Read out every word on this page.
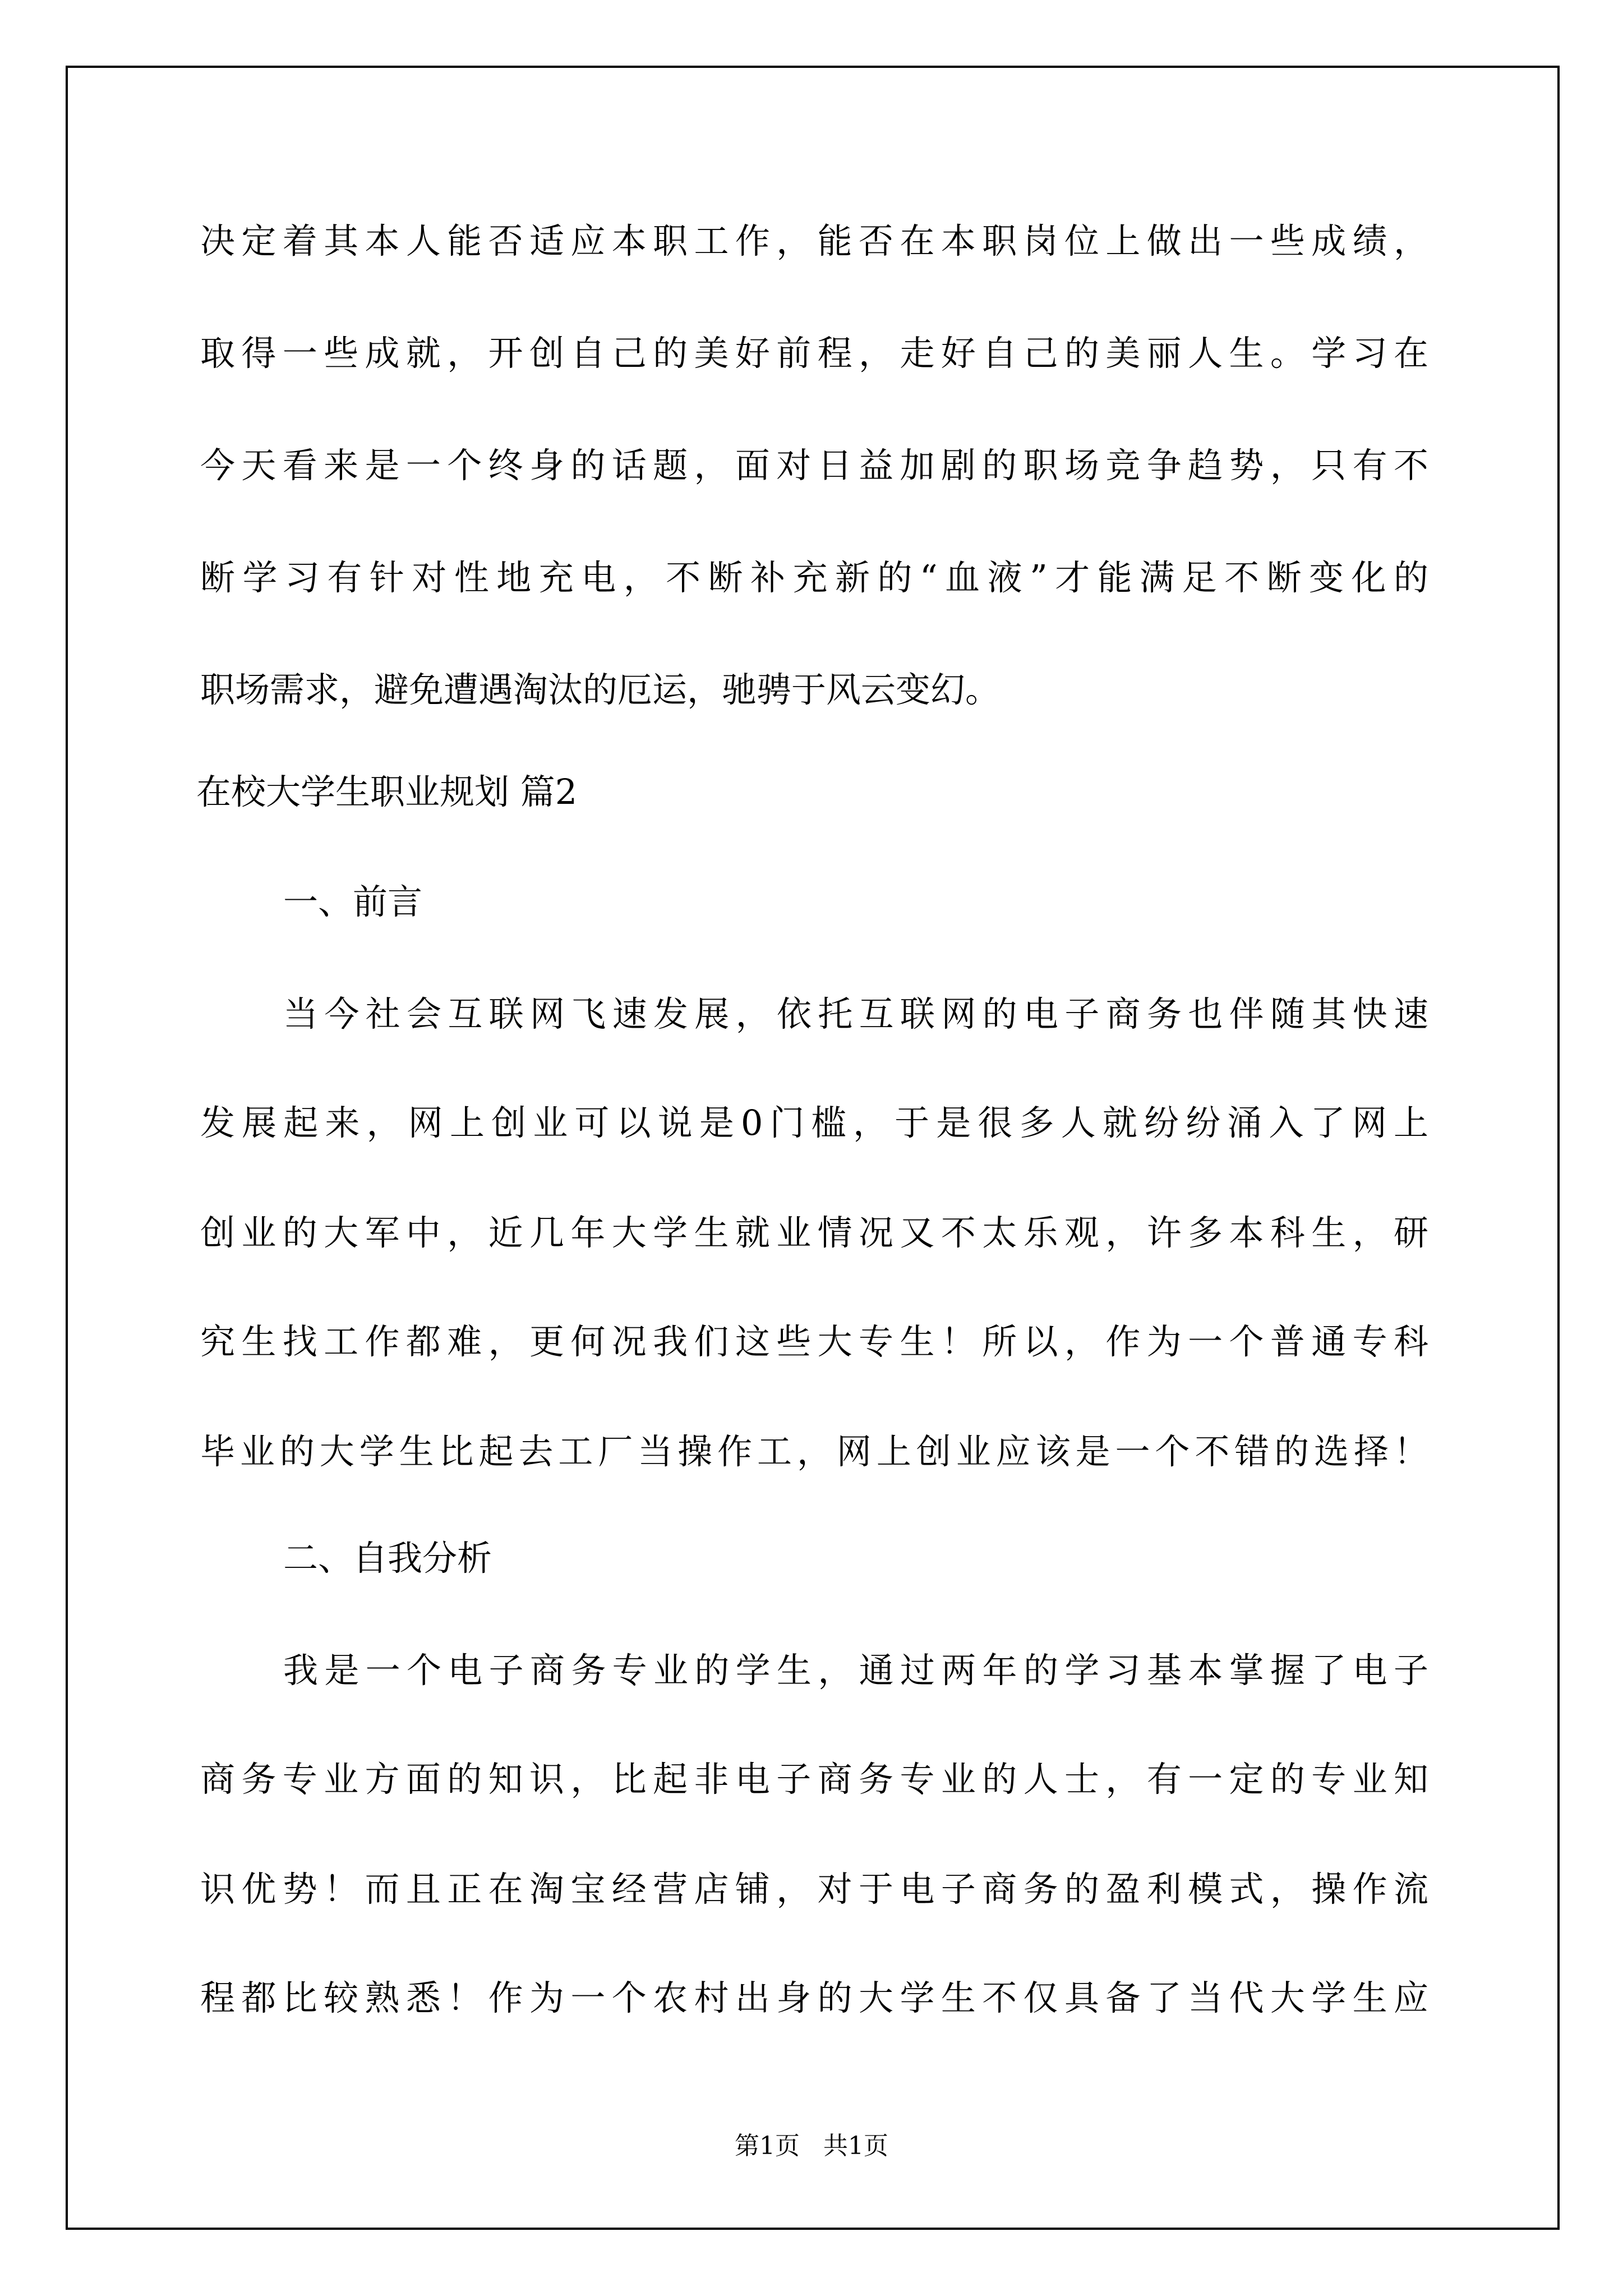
决定着其本人能否适应本职工作，能否在本职岗位上做出一些成绩，
取得一些成就，开创自己的美好前程，走好自己的美丽人生。学习在
今天看来是一个终身的话题，面对日益加剧的职场竞争趋势，只有不
断学习有针对性地充电，不断补充新的“血液”才能满足不断变化的
职场需求，避免遭遇淘汰的厄运，驰骋于风云变幻。
在校大学生职业规划 篇2
一、前言
当今社会互联网飞速发展，依托互联网的电子商务也伴随其快速
发展起来，网上创业可以说是0门槛，于是很多人就纷纷涌入了网上
创业的大军中，近几年大学生就业情况又不太乐观，许多本科生，研
究生找工作都难，更何况我们这些大专生！所以，作为一个普通专科
毕业的大学生比起去工厂当操作工，网上创业应该是一个不错的选择！
二、自我分析
我是一个电子商务专业的学生，通过两年的学习基本掌握了电子
商务专业方面的知识，比起非电子商务专业的人士，有一定的专业知
识优势！而且正在淘宝经营店铺，对于电子商务的盈利模式，操作流
程都比较熟悉！作为一个农村出身的大学生不仅具备了当代大学生应
第1页   共1页
